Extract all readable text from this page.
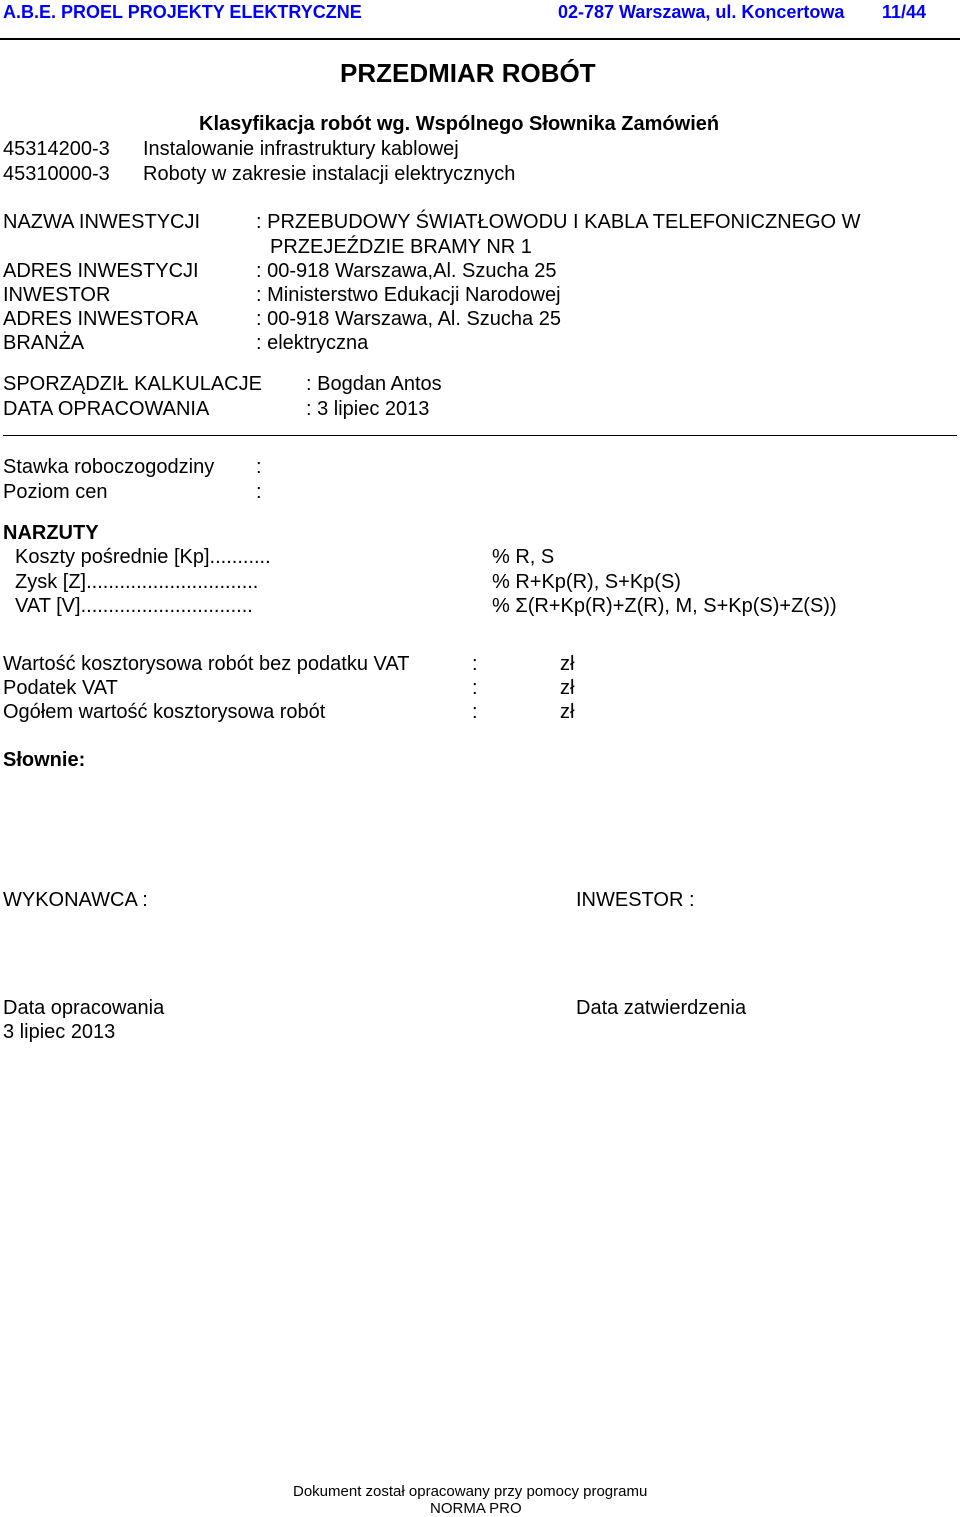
A.B.E. PROEL PROJEKTY ELEKTRYCZNE	02-787 Warszawa, ul. Koncertowa 11/44
PRZEDMIAR ROBÓT
Klasyfikacja robót wg. Wspólnego Słownika Zamówień
45314200-3 Instalowanie infrastruktury kablowej
45310000-3 Roboty w zakresie instalacji elektrycznych
NAZWA INWESTYCJI	: PRZEBUDOWY ŚWIATŁOWODU I KABLA TELEFONICZNEGO W
PRZEJEŹDZIE BRAMY NR 1
ADRES INWESTYCJI	: 00-918 Warszawa,Al. Szucha 25
INWESTOR	: Ministerstwo Edukacji Narodowej
ADRES INWESTORA	: 00-918 Warszawa, Al. Szucha 25
BRANŻA	: elektryczna
SPORZĄDZIŁ KALKULACJE : Bogdan Antos
DATA OPRACOWANIA	: 3 lipiec 2013
Stawka roboczogodziny :
Poziom cen	:
NARZUTY
Koszty pośrednie [Kp]...........	% R, S
Zysk [Z]...............................	% R+Kp(R), S+Kp(S)
VAT [V]...............................	% Σ(R+Kp(R)+Z(R), M, S+Kp(S)+Z(S))
Wartość kosztorysowa robót bez podatku VAT	:	zł
Podatek VAT	:	zł
Ogółem wartość kosztorysowa robót	:	zł
Słownie:
WYKONAWCA :	INWESTOR :
Data opracowania
3 lipiec 2013
Data zatwierdzenia
Dokument został opracowany przy pomocy programu
NORMA PRO
